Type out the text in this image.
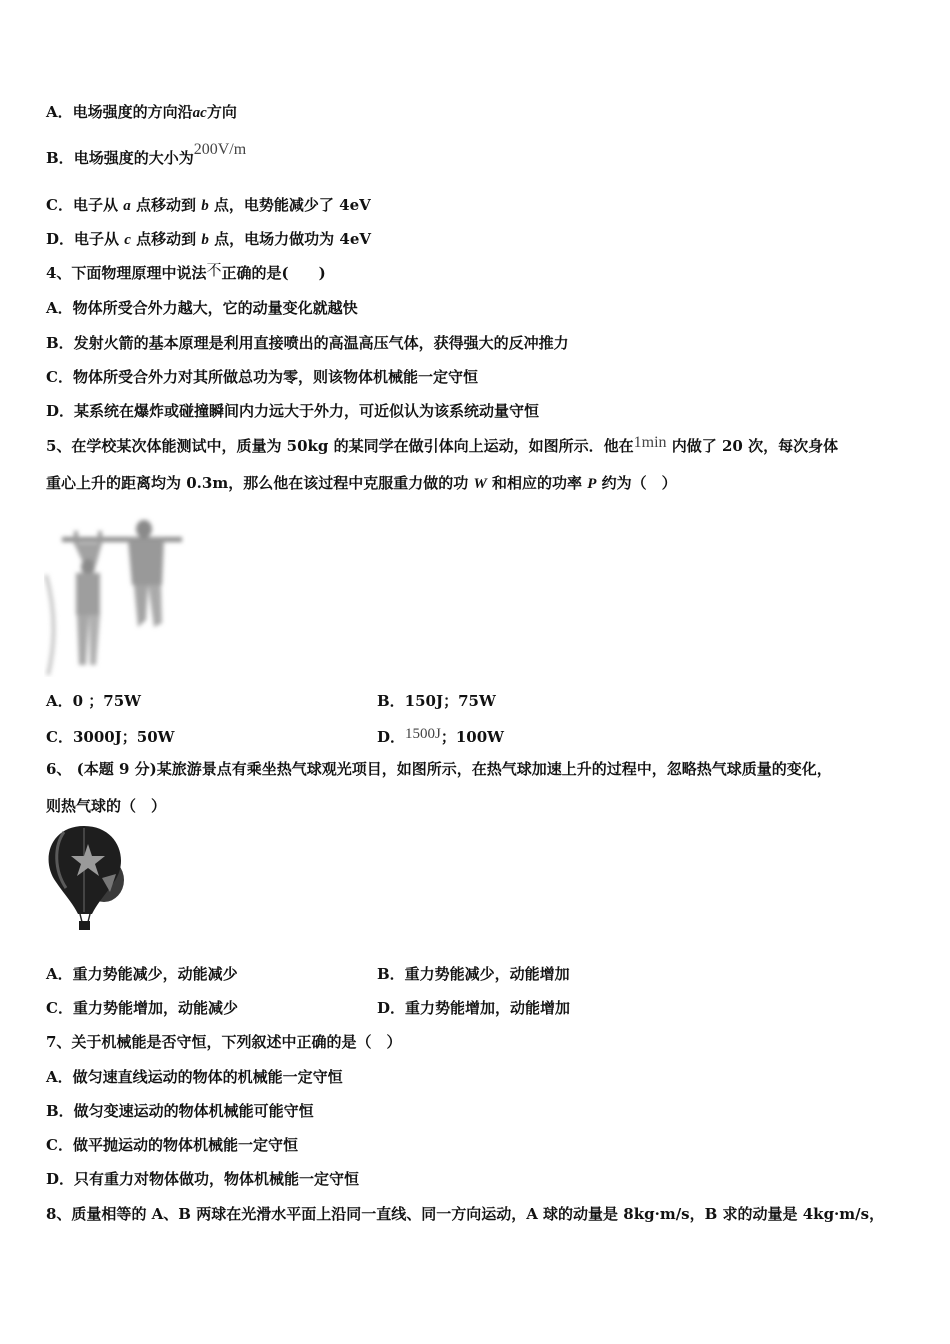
A．电场强度的方向沿ac方向
B．电场强度的大小为200V/m
C．电子从 a 点移动到 b 点，电势能减少了 4eV
D．电子从 c 点移动到 b 点，电场力做功为 4eV
4、下面物理原理中说法不正确的是(　　)
A．物体所受合外力越大，它的动量变化就越快
B．发射火箭的基本原理是利用直接喷出的高温高压气体，获得强大的反冲推力
C．物体所受合外力对其所做总功为零，则该物体机械能一定守恒
D．某系统在爆炸或碰撞瞬间内力远大于外力，可近似认为该系统动量守恒
5、在学校某次体能测试中，质量为 50kg 的某同学在做引体向上运动，如图所示．他在1min 内做了 20 次，每次身体
重心上升的距离均为 0.3m，那么他在该过程中克服重力做的功 W 和相应的功率 P 约为（　）
A．0 ；75W	B．150J；75W
C．3000J；50W	D．1500J；100W
6、 (本题 9 分)某旅游景点有乘坐热气球观光项目，如图所示，在热气球加速上升的过程中，忽略热气球质量的变化，
则热气球的（　）
A．重力势能减少，动能减少	B．重力势能减少，动能增加
C．重力势能增加，动能减少	D．重力势能增加，动能增加
7、关于机械能是否守恒，下列叙述中正确的是（　）
A．做匀速直线运动的物体的机械能一定守恒
B．做匀变速运动的物体机械能可能守恒
C．做平抛运动的物体机械能一定守恒
D．只有重力对物体做功，物体机械能一定守恒
8、质量相等的 A、B 两球在光滑水平面上沿同一直线、同一方向运动，A 球的动量是 8kg·m/s，B 求的动量是 4kg·m/s，
